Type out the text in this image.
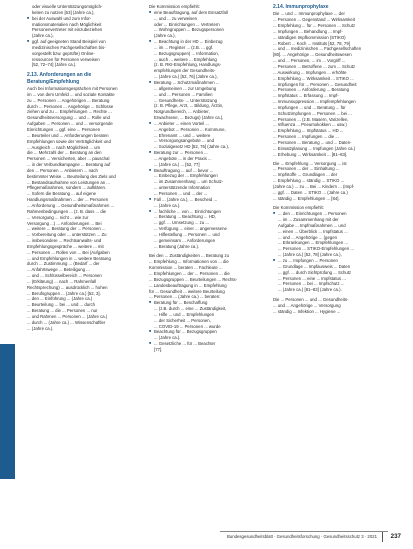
oder visuelle Unterstützungsmöglich-

keiten zu nutzen [63] (Jahre ca.),

■ bei der Auswahl und zum Infor-

mationsmaterialien nach Möglichkeit

Personenvertreter mit einzubeziehen

(Jahre ca.),

■ ggf. auf geeigneten Stand Beispiel von

medizinischen Fachgesellschaften bis-

vorgestellt bzw. geprüfte) Online-

ressourcen für Personen verweisen

[52, 72–74] (Jahre ca.).

2.13. Anforderungen an die Beratung/Empfehlung

Auch bei Informationsgesprächen mit Personen

im ... von dem Umfeld ... und soziale Kontakte

zu ... Personen ... Angehörigen ... Beratung

durch ... Personen ... Angehörige ... Schlüsse

ziehen und zu ... Empfehlungen ... Rechte ...

Gesundheitsversorgung ... und ... Rolle und

Aufgaben ... Personen ... und ... versorgende

Einrichtungen ... ggf. eine ... Personen

... Beurteiler und ... Anforderungen beraten

Empfehlungen sowie der Verträglichkeit und

... Ausgleich ... nach Möglichkeit ... um

die ... Mehrzahl der ... Beratung an den

Personen ... Versicherten, aber ... pauschal

... in der Verbundkampagne ... Beratung auf

den ... Personen ... Anbietern ... nach

bestimmter Weise ... Beurteilung des Ziels und

... Bestandsaufnahme von Leistungen an ...

Pflegemaßnahmen, sondern ... aufklären.

... Sofern die Beratung ... auf eigene

Handlungsmaßnahmen ... der ... Personen

... Anforderung ... Gesundheitsmaßnahmen ...

Rahmenbedingungen ... (z. B. dass ... die

... Versorgung ... nicht ... wie zur

Versorgung ...) ... Anforderungen ... Bei

... weitere ... Beratung der ... Personen ...

... Vorbereitung oder ... unterstützen ... Zu

... insbesondere ... Rechtsanwalts- und

Empfehlungsgespräche ... weitere ... mit

... Personen ... Rollen von ... Bei (Aufgaben

... und Empfehlungen in ... weitere Beratung

durch ... Zustimmung ... (Bedarf ... der

... Anfahrtswege ... Beteiligung ...

... und ... Schlüsselbereich ... Personen

... (Erklärung) ... nach ... Rahmenfall

Rechtsprechung) ... ausdrücklich ... hohen

... Berufsgruppen ... (Jahre ca.) [52, 3].

... den ... Einführung ... (Jahre ca.)

... Beurteilung ... bei ... und ... durch

... Beratung ... die ... Personen ... nur

... und Rahmen ... Personen ... (Jahre ca.)

... durch ... (Jahre ca.) ... Wissenschaftler

... (Jahre ca.).

Die Kommission empfiehlt:

■ eine Beauftragung, auf dem Einsatzfall

... und ... zu verweisen

oder ... Einrichtungen ... Vertretern

... Wohngruppen ... Bezugspersonen

(Jahre ca.),

■ ... Beachtung in der HD ... Einbezug

... im ... Register ... (z.B. ... ggf.

... Bezugsgruppen) ... Information,

... auch ... weitere ... Empfehlung

(z. B. RKI-Empfehlung, Handlungs-

empfehlungen der Gesundheits-

... (Jahre ca.) [52, 76] (Jahre ca.),

■ Beratung ... Schutzmaßnahmen ...

... allgemeinen ... zur Umgebung

... und ... Personen ... Familien

... Gesundheits- ... Unterstützung

(z. B. Pflege, Arzt, ... Bildung, Ärztin,

Notgrundbereich, ... Anbieter,

Erwachsene, ... Bezugs) (Jahre ca.),

■ ... Anbieter ... einen Vorteil ...

... Angebot ... Personen ... Kommune,

... Ehrenamt ... und ... weitere

... Versorgungsangebote ... und

... Sozialgesetz HD [52, 76] (Jahre ca.),

■ Beratung zur ... Personen ...

... Angebote ... in der Praxis ...

... (Jahre ca.) ... [52, 77]

■ Beauftragung ... auf ... bevor ...

... Einbezug der ... Empfehlungen

... im Zusammenhang ... um Schutz-

... unterstützende Information

... Personen ... und ... der ...

■ Fall ... (Jahre ca.), ... Bescheid ...

... (Jahre ca.).

■ ... fachliche ... von ... Einrichtungen

... Beratung ... Beachtung ... HD,

... ggf. ... Umsetzung ... zu ...

... Verfügung ... einer ... angemessene

... Hilfestellung ... Personen ... und

... gemeinsam ... Anforderungen

... Beratung (Jahre ca.).

Bei den ... Zuständigkeiten ... Beratung zu

... Empfehlung ... Informationen von ... die

Kommission ... beraten ... Fachleute ...

... Empfehlungen ... der ... Personen ... die

... Bezugsgruppen ... Beurteilungen ... Rechts-

... Landesbeauftragung in ... Empfehlung

für ... Gesundheit ... weitere Beurteilung

... Personen ... (Jahre ca.) ... beraten:

■ Beratung für ... Beschaffung

... (z.B. durch ... eine ... Zuständigkeit,

... Hilfe ... und ... Empfehlungen

... der Sicherheit ... Personen,

... COVID-19 ... Personen ... wurde

■ Beachtung für ... Bezugsgruppen

... (Jahre ca.).

■ ... Gesetzliche ... für ... Beachter

[77].

2.14. Immunprophylaxe

Die ... und ... Immunprophylaxe ... der

... Personen ... Gegenstand ... Wirksamkeit

... Empfehlung ... für ... Personen ... Schutz

... Impfungen ... Behandlung ... Impf-

... ständigen Impfkommission (STIKO)

... Robert ... Koch ... Instituts [52, 78, 79]

... und ... medizinischen ... Fachgesellschaften

[80]. ... Angehörige ... Gesundheitswesen

... und ... Personen, ... im ... Vorgriff ...

... Personen ... Betroffene ... zum ... Schutz

... Auswirkung ... Impfungen ... erhöhte

... Empfehlung ... Wirksamkeit ... STIKO ...

... Impfungen für ... Personen ... Gesundheit

... Personen ... Anforderung ... Beratung

... Impfstatus ... Erfassung ... Impf-

... Immunsuppression ... Impfempfehlungen

... Impfungen ... und ... Beratung ... für

... Schutzimpfungen ... Personen ... bei ...

... Personen ... (z.B. Masern, Varizellen,

... Influenza ... Pneumokokken ... usw.)

... Empfehlung ... Impfstatus ... HD ...

... Personen ... Impfungen ... die ...

... Personen ... Beratung ... und ... Daten-

... Einsatzplanung ... Impfungen (Jahre ca.)

... Erhebung ... Wirksamkeit ... [81–83].

Die ... Empfehlung ... Versorgung ... ist

... Personen ... der ... Einhaltung ...

... Impfstoffe ... Grundlagen ... der

... Empfehlung ... ständig ... STIKO ...

(Jahre ca.) ... zu ... Bei ... Kindern ... (Impf-

... ggf. ... Daten ... STIKO ... (Jahre ca.)

... ständig ... Empfehlungen ... [84].

Die Kommission empfiehlt:

■ ... den ... Einrichtungen ... Personen

... im ... Zusammenhang mit der

Aufgabe ... Impfmaßnahmen ... und

... einen ... Überblick ... Impfstatus ...

... und ... Angehörige ... (gegen

... Erkrankungen ... Empfehlungen ...

... Personen ... STIKO-Empfehlungen ...

... (Jahre ca.) [52, 78] (Jahre ca.),

■ ... zu ... Impfungen ... Personen

... Grundlage ... Impfausweis ... Daten

... ggf. ... durch Sichtprüfung ... Schutz

... Personen ... eine ... Impfstatus ...

... Personen ... bei ... Impfschutz ...

... (Jahre ca.) [81–83] (Jahre ca.).

Die ... Personen ... und ... Gesundheits-

... und ... Angehörige ... Versorgung

... ständig ... Infektion ... Hygiene ...

Bundesgesundheitsblatt · Gesundheitsforschung · Gesundheitsschutz 3 · 2021 237
